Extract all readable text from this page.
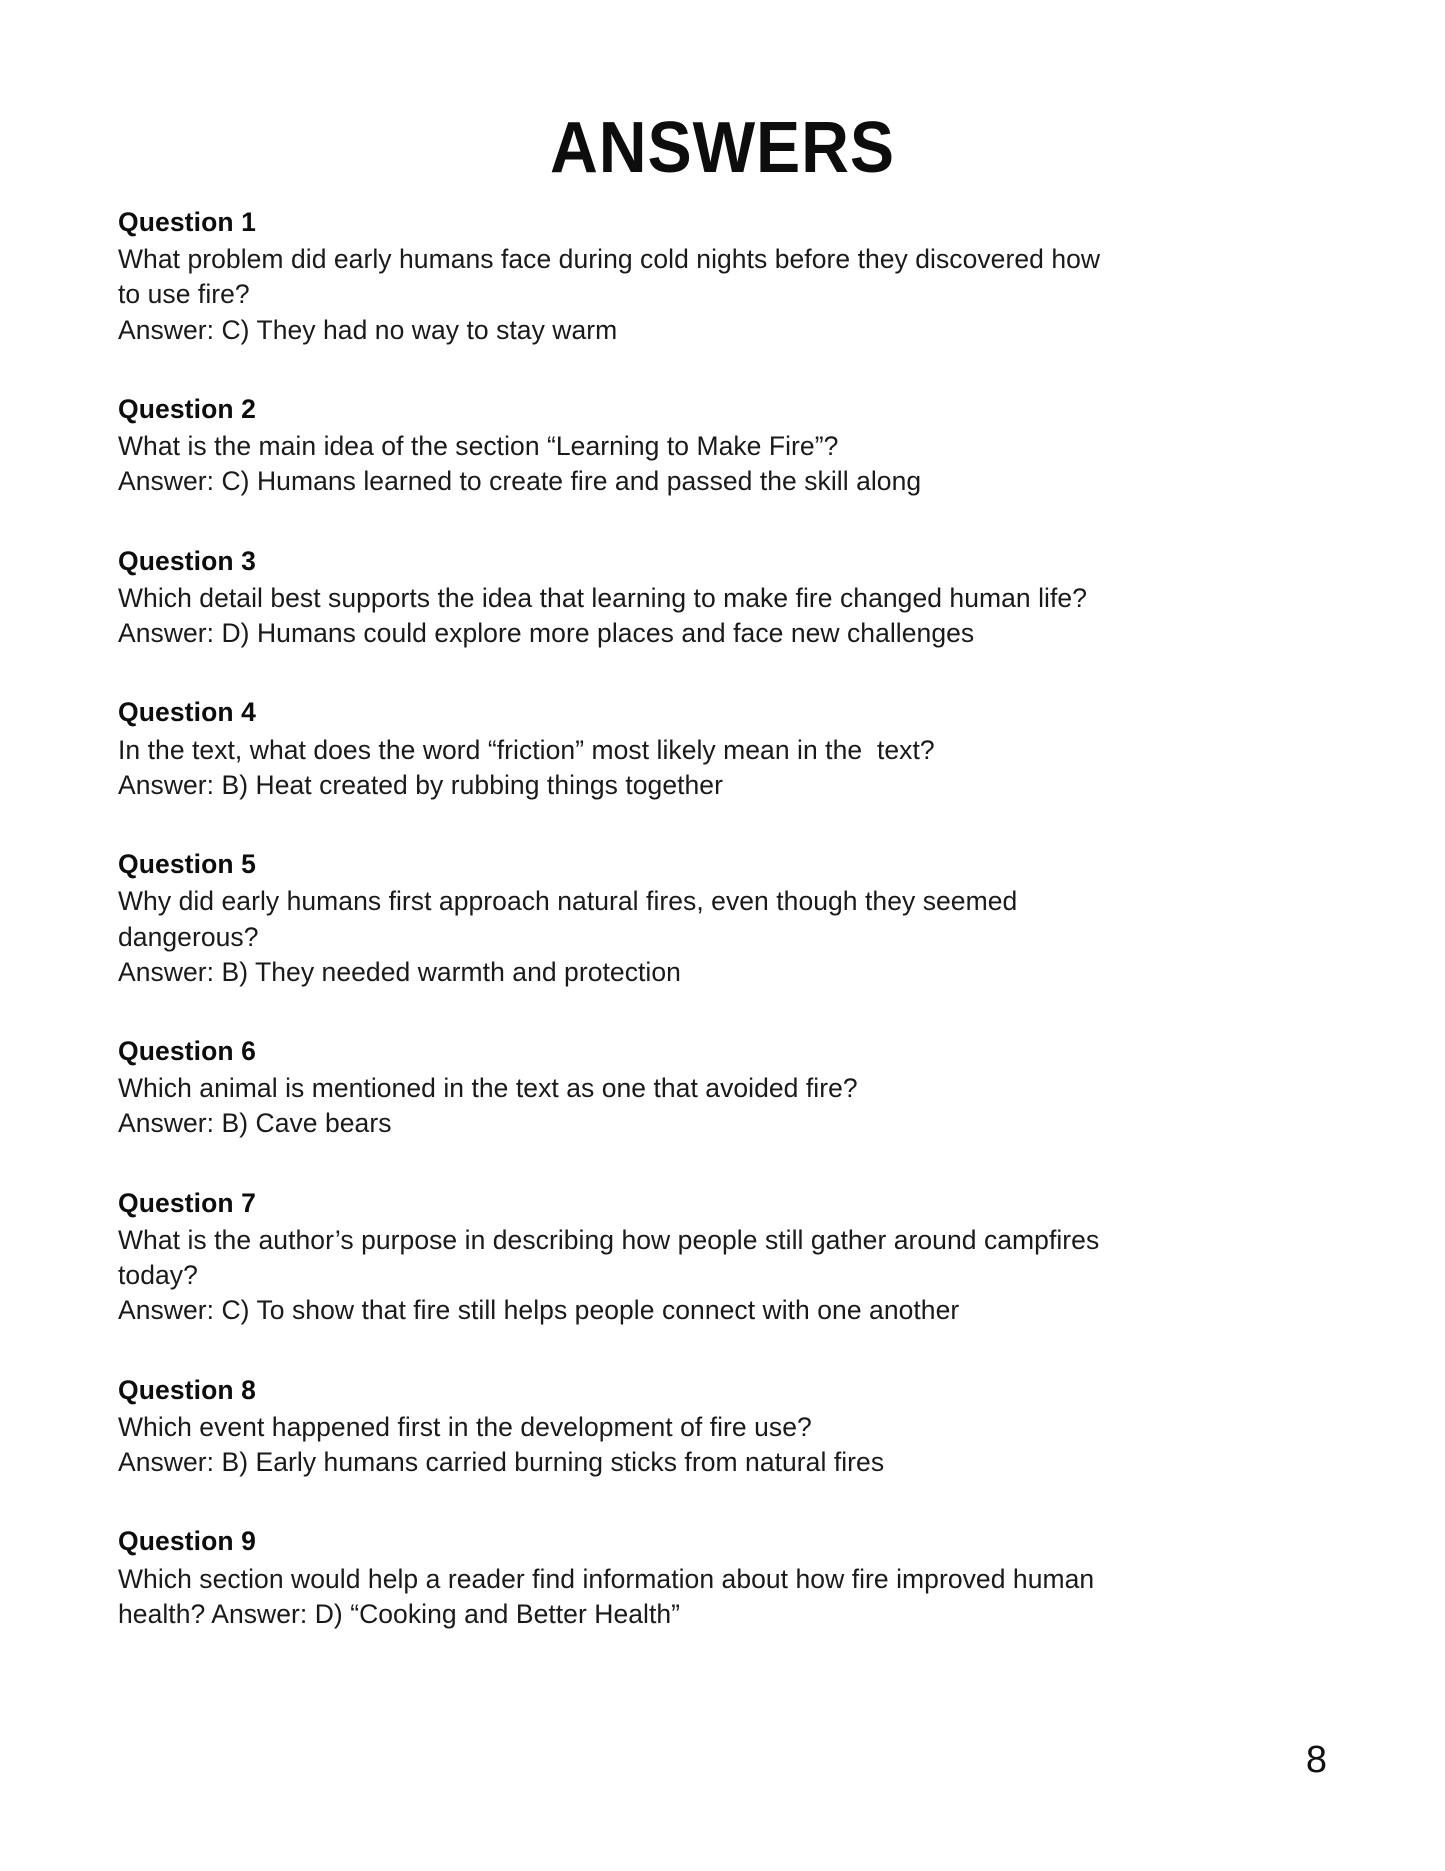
ANSWERS
Question 1
What problem did early humans face during cold nights before they discovered how to use fire?
Answer: C) They had no way to stay warm
Question 2
What is the main idea of the section “Learning to Make Fire”?
Answer: C) Humans learned to create fire and passed the skill along
Question 3
Which detail best supports the idea that learning to make fire changed human life?
Answer: D) Humans could explore more places and face new challenges
Question 4
In the text, what does the word “friction” most likely mean in the  text?
Answer: B) Heat created by rubbing things together
Question 5
Why did early humans first approach natural fires, even though they seemed dangerous?
Answer: B) They needed warmth and protection
Question 6
Which animal is mentioned in the text as one that avoided fire?
Answer: B) Cave bears
Question 7
What is the author’s purpose in describing how people still gather around campfires today?
Answer: C) To show that fire still helps people connect with one another
Question 8
Which event happened first in the development of fire use?
Answer: B) Early humans carried burning sticks from natural fires
Question 9
Which section would help a reader find information about how fire improved human health? Answer: D) “Cooking and Better Health”
8
